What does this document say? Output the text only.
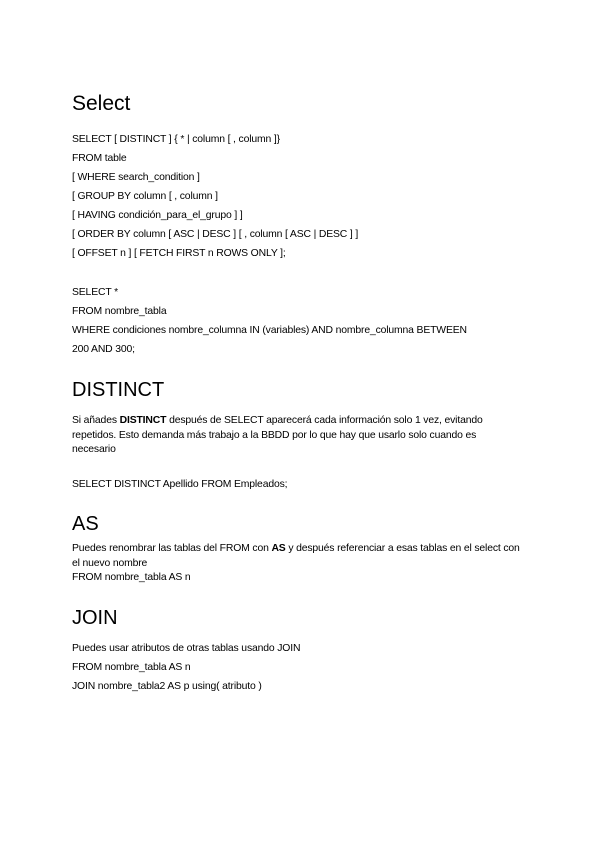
Select
SELECT [ DISTINCT ] { * | column [ , column ]}
FROM table
[ WHERE search_condition ]
[ GROUP BY column [ , column ]
[ HAVING condición_para_el_grupo ] ]
[ ORDER BY column [ ASC | DESC ] [ , column [ ASC | DESC ] ]
[ OFFSET n ] [ FETCH FIRST n ROWS ONLY ];
SELECT *
FROM nombre_tabla
WHERE condiciones nombre_columna IN (variables) AND nombre_columna BETWEEN
200 AND 300;
DISTINCT
Si añades DISTINCT después de SELECT aparecerá cada información solo 1 vez, evitando repetidos. Esto demanda más trabajo a la BBDD por lo que hay que usarlo solo cuando es necesario
SELECT DISTINCT Apellido FROM Empleados;
AS
Puedes renombrar las tablas del FROM con AS y después referenciar a esas tablas en el select con el nuevo nombre
FROM nombre_tabla AS n
JOIN
Puedes usar atributos de otras tablas usando JOIN
FROM nombre_tabla AS n
JOIN nombre_tabla2 AS p using( atributo )
